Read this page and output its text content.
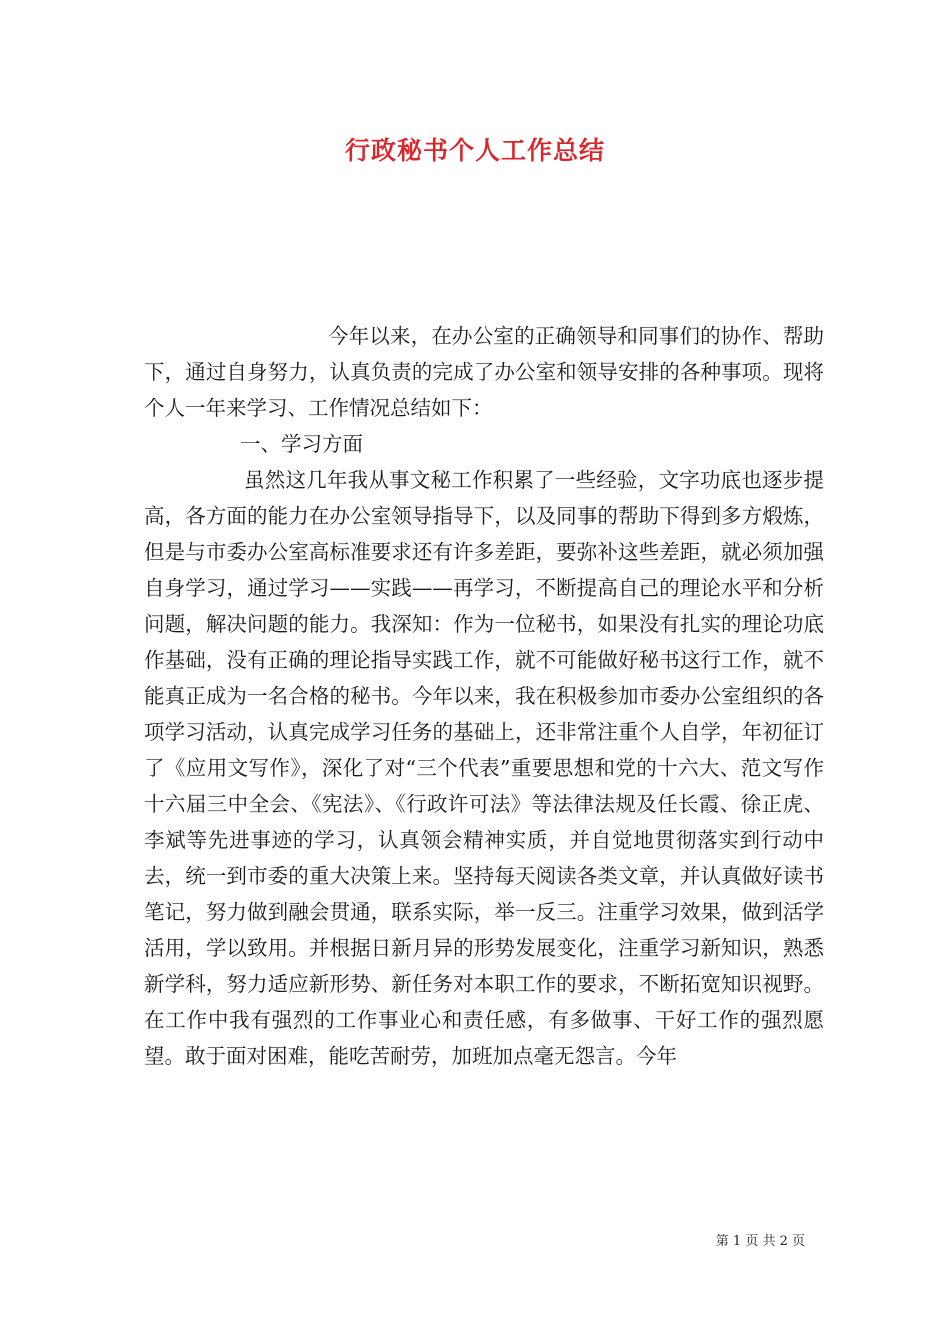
行政秘书个人工作总结

今年以来，在办公室的正确领导和同事们的协作、帮助下，通过自身努力，认真负责的完成了办公室和领导安排的各种事项。现将个人一年来学习、工作情况总结如下：

一、学习方面

虽然这几年我从事文秘工作积累了一些经验，文字功底也逐步提高，各方面的能力在办公室领导指导下，以及同事的帮助下得到多方煅炼，但是与市委办公室高标准要求还有许多差距，要弥补这些差距，就必须加强自身学习，通过学习——实践——再学习，不断提高自己的理论水平和分析问题，解决问题的能力。我深知：作为一位秘书，如果没有扎实的理论功底作基础，没有正确的理论指导实践工作，就不可能做好秘书这行工作，就不能真正成为一名合格的秘书。今年以来，我在积极参加市委办公室组织的各项学习活动，认真完成学习任务的基础上，还非常注重个人自学，年初征订了《应用文写作》，深化了对“三个代表”重要思想和党的十六大、范文写作十六届三中全会、《宪法》、《行政许可法》等法律法规及任长霞、徐正虎、李斌等先进事迹的学习，认真领会精神实质，并自觉地贯彻落实到行动中去，统一到市委的重大决策上来。坚持每天阅读各类文章，并认真做好读书笔记，努力做到融会贯通，联系实际，举一反三。注重学习效果，做到活学活用，学以致用。并根据日新月异的形势发展变化，注重学习新知识，熟悉新学科，努力适应新形势、新任务对本职工作的要求，不断拓宽知识视野。在工作中我有强烈的工作事业心和责任感，有多做事、干好工作的强烈愿望。敢于面对困难，能吃苦耐劳，加班加点毫无怨言。今年

第 1 页 共 2 页
